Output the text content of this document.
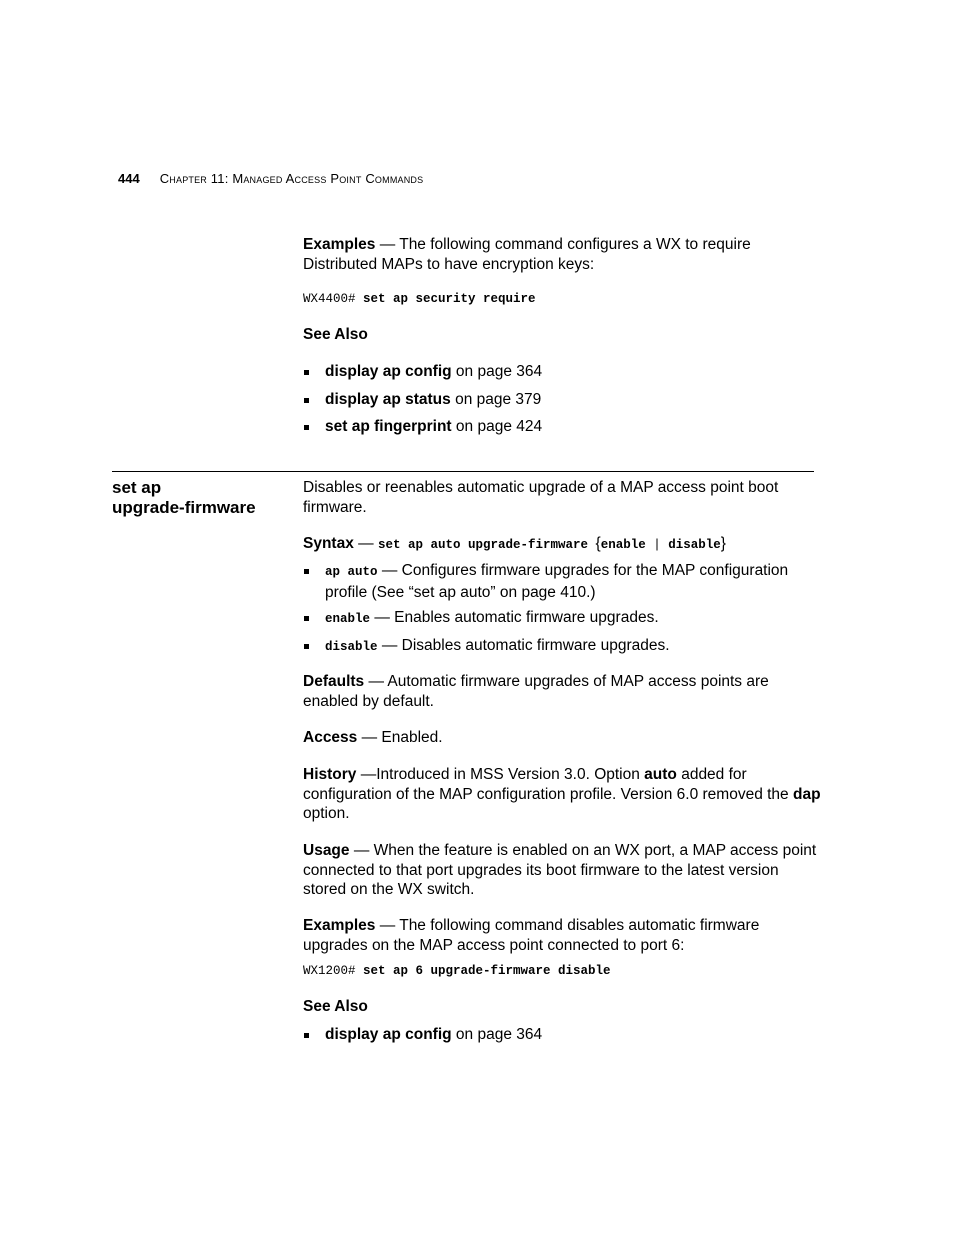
444 Chapter 11: Managed Access Point Commands
Examples — The following command configures a WX to require Distributed MAPs to have encryption keys:
WX4400# set ap security require
See Also
display ap config on page 364
display ap status on page 379
set ap fingerprint on page 424
set ap
upgrade-firmware
Disables or reenables automatic upgrade of a MAP access point boot firmware.
Syntax — set ap auto upgrade-firmware {enable | disable}
ap auto — Configures firmware upgrades for the MAP configuration profile (See “set ap auto” on page 410.)
enable — Enables automatic firmware upgrades.
disable — Disables automatic firmware upgrades.
Defaults — Automatic firmware upgrades of MAP access points are enabled by default.
Access — Enabled.
History —Introduced in MSS Version 3.0. Option auto added for configuration of the MAP configuration profile. Version 6.0 removed the dap option.
Usage — When the feature is enabled on an WX port, a MAP access point connected to that port upgrades its boot firmware to the latest version stored on the WX switch.
Examples — The following command disables automatic firmware upgrades on the MAP access point connected to port 6:
WX1200# set ap 6 upgrade-firmware disable
See Also
display ap config on page 364
